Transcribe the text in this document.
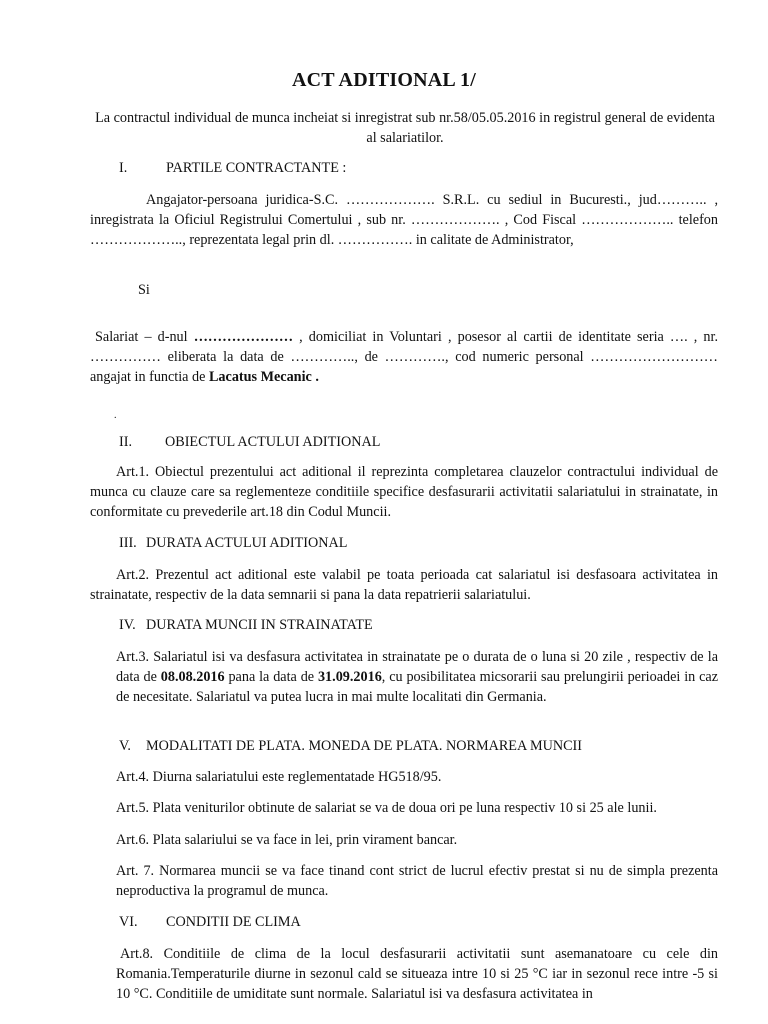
ACT ADITIONAL 1/
La contractul individual de munca incheiat si inregistrat sub nr.58/05.05.2016 in registrul general de evidenta al salariatilor.
I.	PARTILE CONTRACTANTE :
Angajator-persoana juridica-S.C. ………………. S.R.L. cu sediul in Bucuresti., jud……….. , inregistrata la Oficiul Registrului Comertului , sub nr. ………………. , Cod Fiscal ……………….. telefon ……………….., reprezentata legal prin dl. ……………. in calitate de Administrator,
Si
Salariat – d-nul ………………… , domiciliat in Voluntari , posesor al cartii de identitate seria …. , nr. …………… eliberata la data de ………….., de …………., cod numeric personal ……………………… angajat in functia de Lacatus Mecanic .
.
II. OBIECTUL ACTULUI ADITIONAL
Art.1. Obiectul prezentului act aditional il reprezinta completarea clauzelor contractului individual de munca cu clauze care sa reglementeze conditiile specifice desfasurarii activitatii salariatului in strainatate, in conformitate cu prevederile art.18 din Codul Muncii.
III. DURATA ACTULUI ADITIONAL
Art.2. Prezentul act aditional este valabil pe toata perioada cat salariatul isi desfasoara activitatea in strainatate, respectiv de la data semnarii si pana la data repatrierii salariatului.
IV. DURATA MUNCII IN STRAINATATE
Art.3. Salariatul isi va desfasura activitatea in strainatate pe o durata de o luna si 20 zile , respectiv de la data de 08.08.2016 pana la data de 31.09.2016, cu posibilitatea micsorarii sau prelungirii perioadei in caz de necesitate. Salariatul va putea lucra in mai multe localitati din Germania.
V. MODALITATI DE PLATA. MONEDA DE PLATA. NORMAREA MUNCII
Art.4. Diurna salariatului este reglementatade HG518/95.
Art.5. Plata veniturilor obtinute de salariat se va de doua ori pe luna respectiv 10 si 25 ale lunii.
Art.6. Plata salariului se va face in lei, prin virament bancar.
Art. 7. Normarea muncii se va face tinand cont strict de lucrul efectiv prestat si nu de simpla prezenta neproductiva la programul de munca.
VI. CONDITII DE CLIMA
Art.8. Conditiile de clima de la locul desfasurarii activitatii sunt asemanatoare cu cele din Romania.Temperaturile diurne in sezonul cald se situeaza intre 10 si 25 °C iar in sezonul rece intre -5 si 10 °C. Conditiile de umiditate sunt normale. Salariatul isi va desfasura activitatea in
